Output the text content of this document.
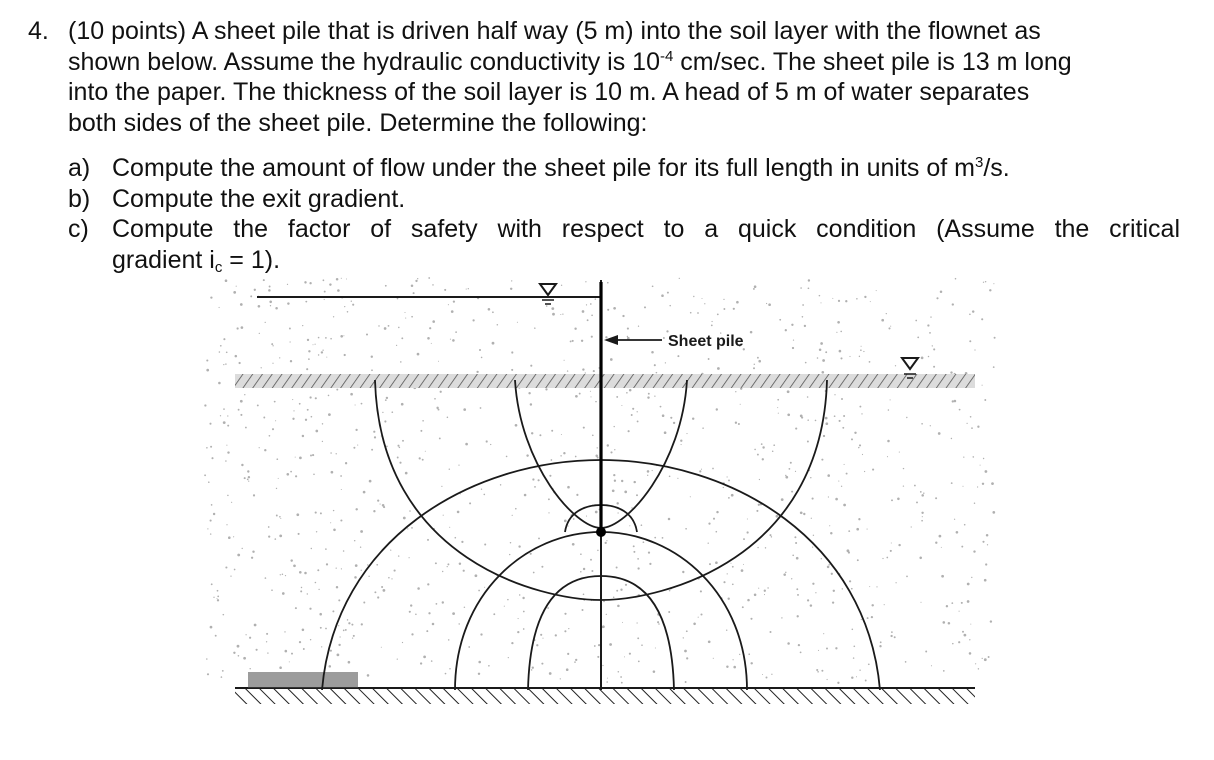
4. (10 points) A sheet pile that is driven half way (5 m) into the soil layer with the flownet as
shown below. Assume the hydraulic conductivity is $10^{-4}$ cm/sec. The sheet pile is 13 m long
into the paper. The thickness of the soil layer is 10 m. A head of 5 m of water separates
both sides of the sheet pile. Determine the following:
a) Compute the amount of flow under the sheet pile for its full length in units of $m^3/s$.
b) Compute the exit gradient.
c) Compute the factor of safety with respect to a quick condition (Assume the critical
gradient $i_c = 1$).
Sheet pile
